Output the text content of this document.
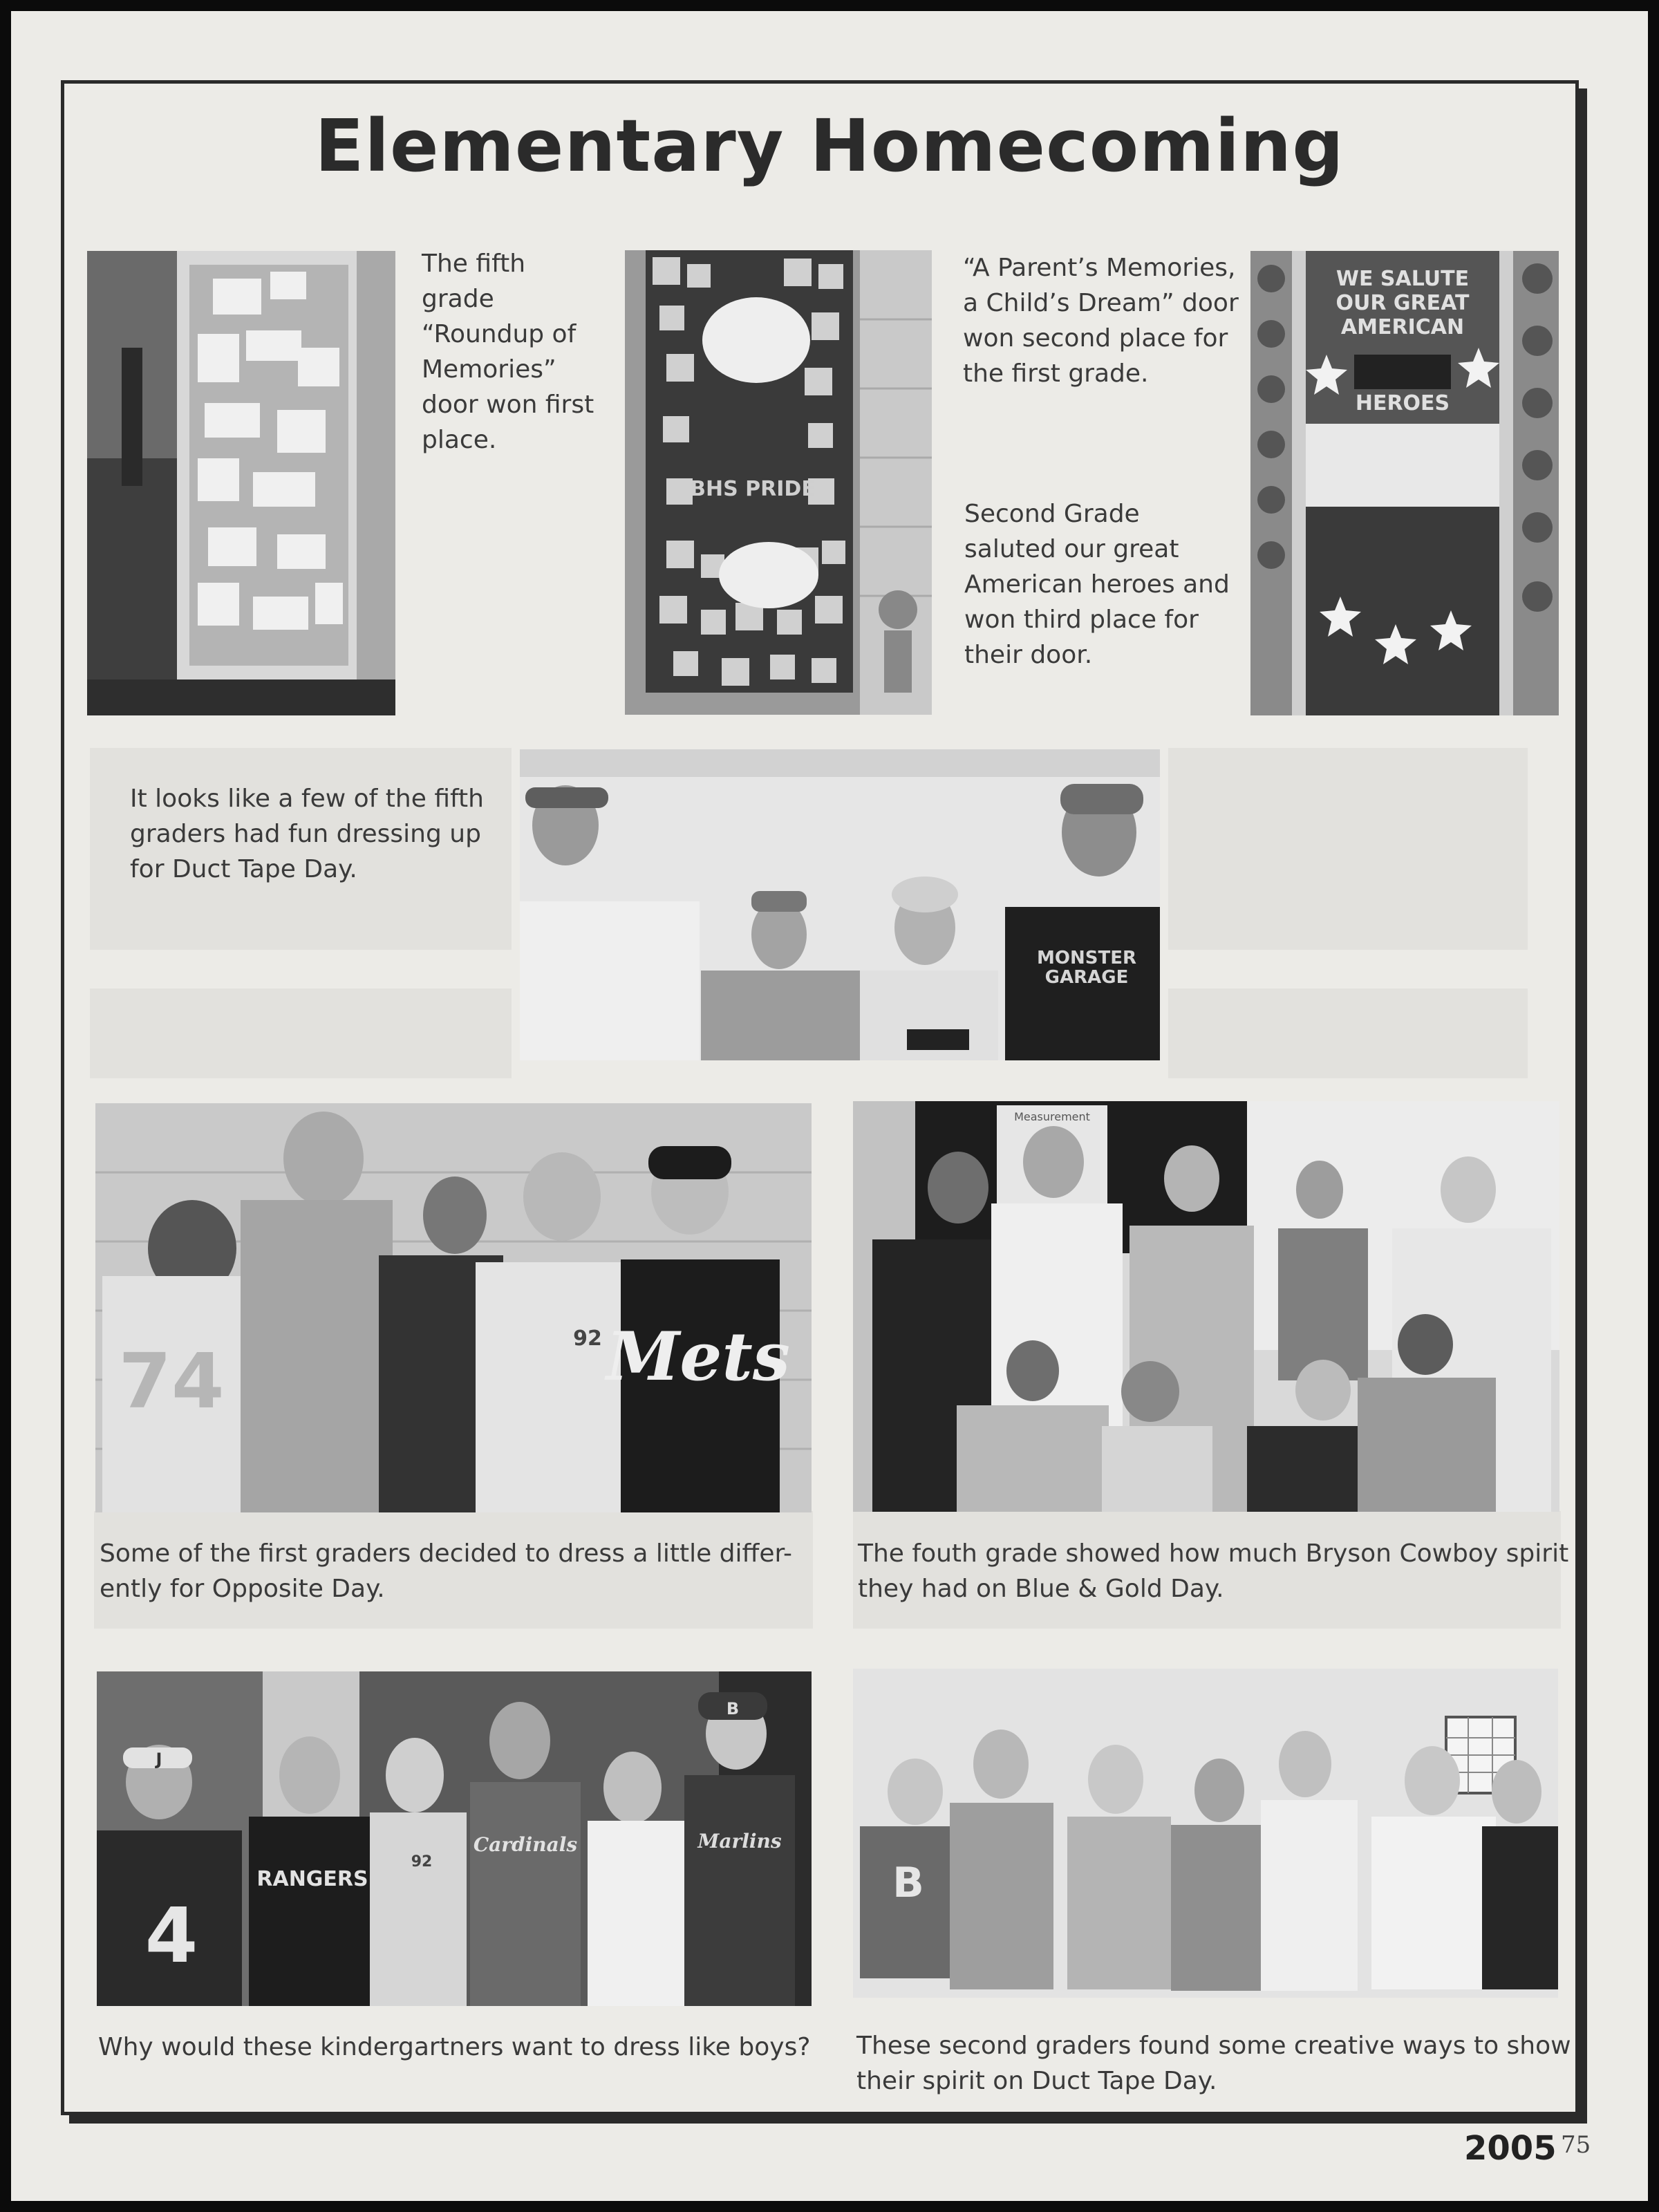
Elementary Homecoming
BHS PRIDE
WE SALUTE
OUR GREAT
AMERICAN
HEROES
MONSTER
GARAGE
74	92 Mets
Measurement
J
4
RANGERS
92
Cardinals
B
Marlins
B
The fifth
grade
“Roundup of
Memories”
door won first
place.
“A Parent’s Memories,
a Child’s Dream” door
won second place for
the first grade.
Second Grade
saluted our great
American heroes and
won third place for
their door.
It looks like a few of the fifth
graders had fun dressing up
for Duct Tape Day.
Some of the first graders decided to dress a little differ-
ently for Opposite Day.
The fouth grade showed how much Bryson Cowboy spirit
they had on Blue & Gold Day.
Why would these kindergartners want to dress like boys? These second graders found some creative ways to show
their spirit on Duct Tape Day.
2005 75
